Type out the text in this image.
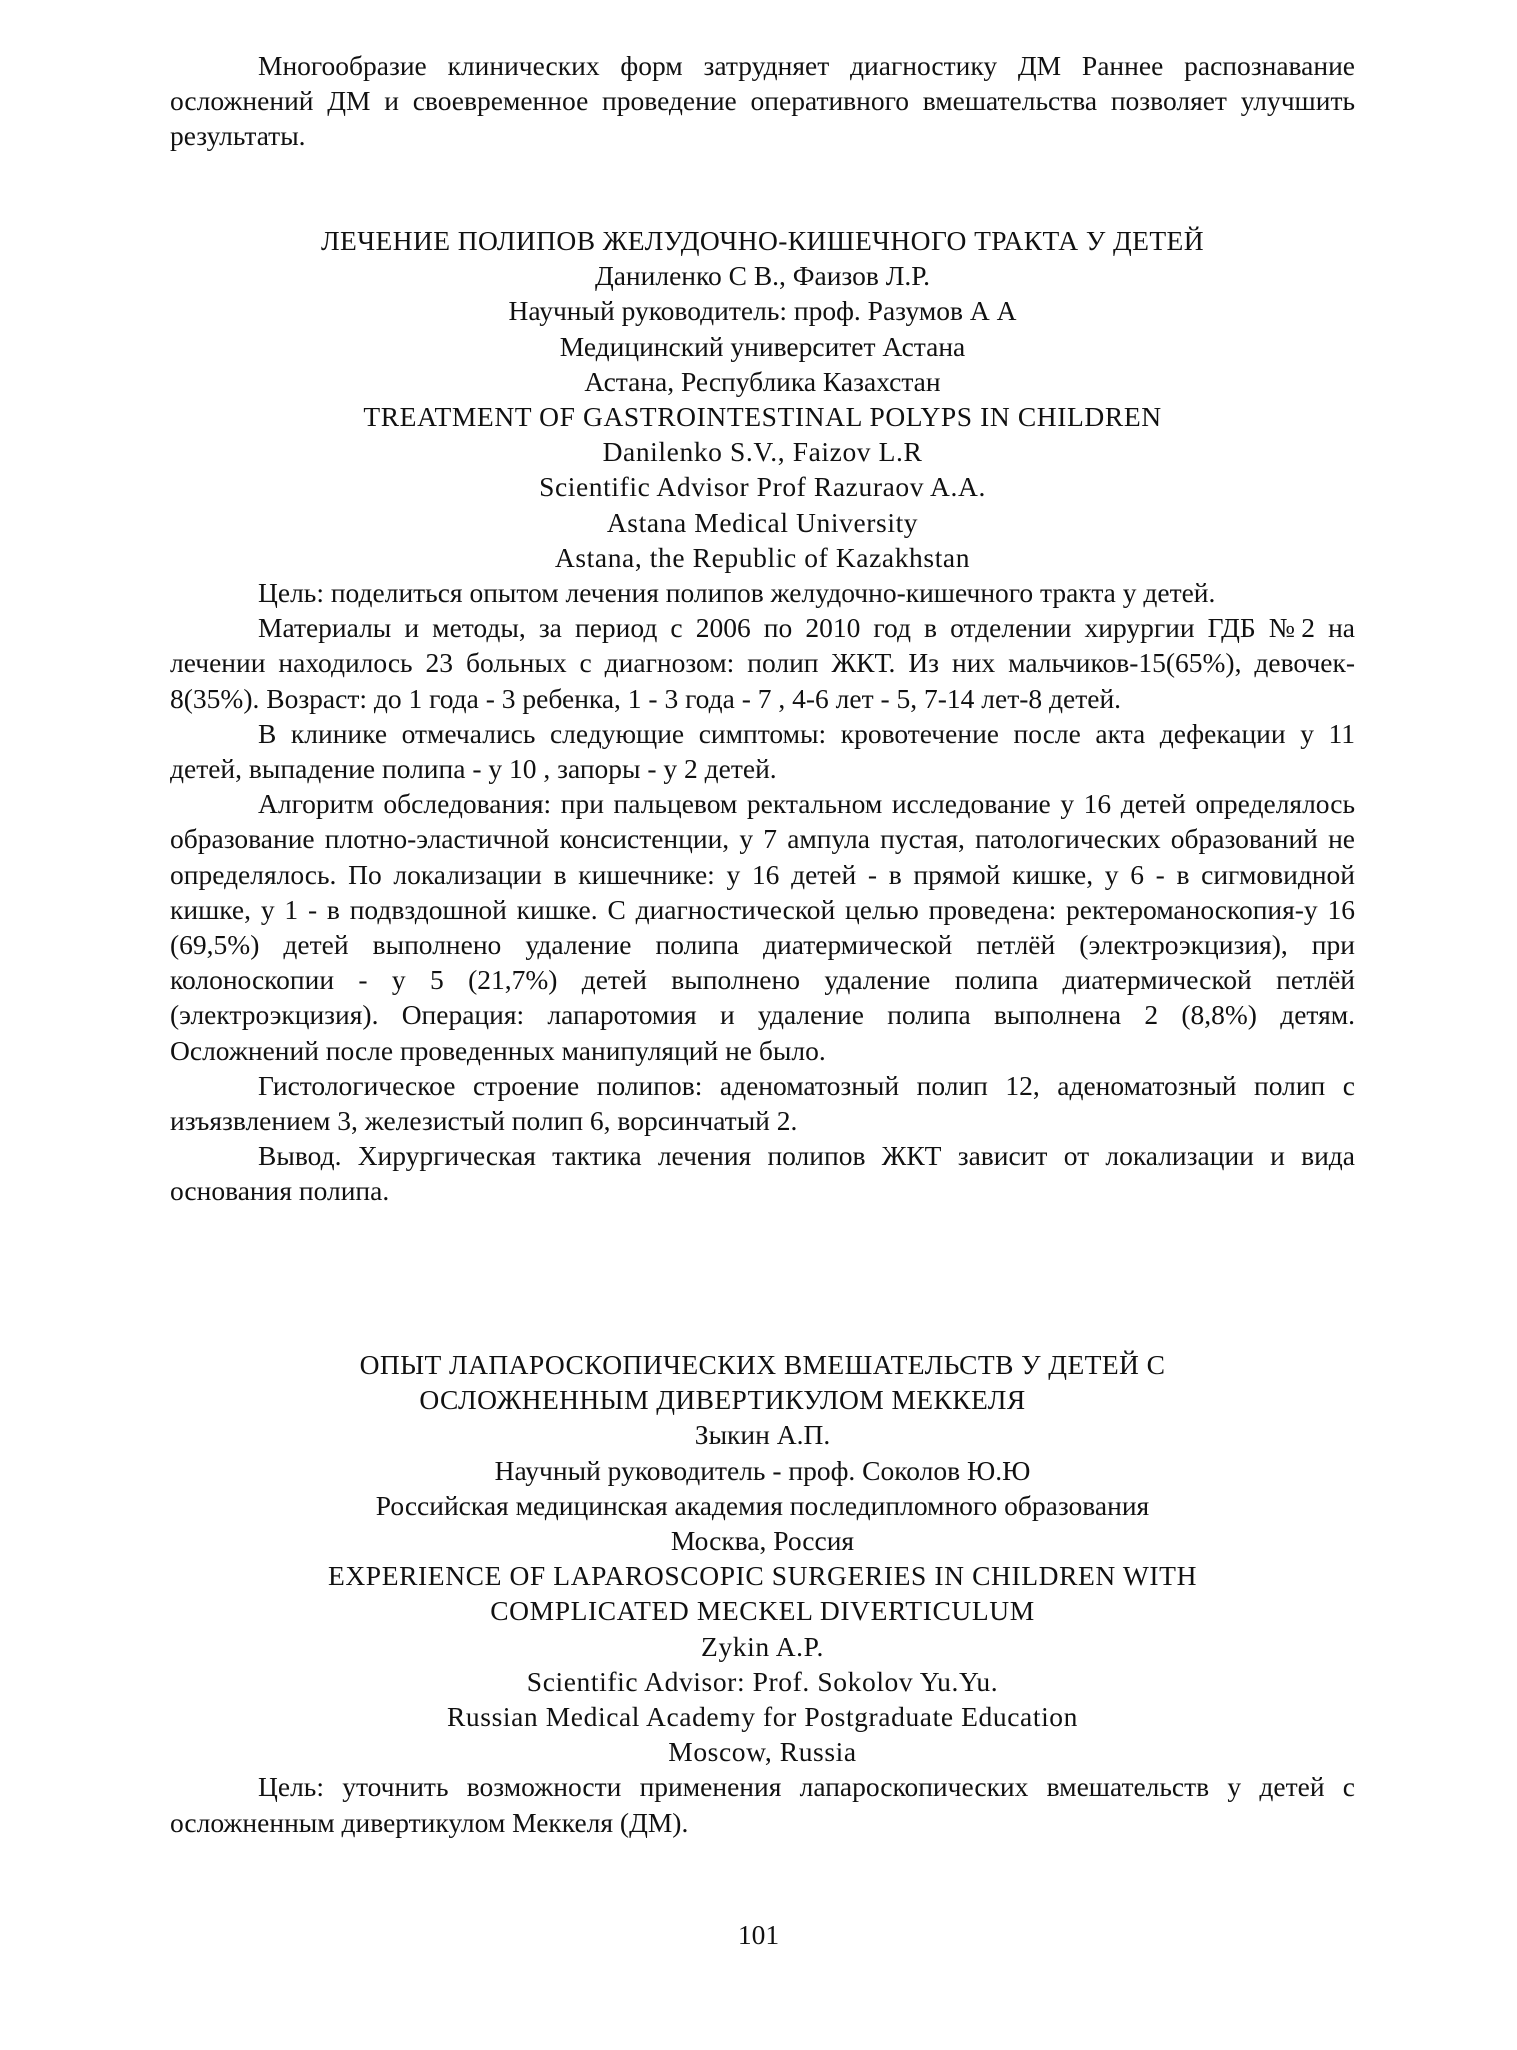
Многообразие клинических форм затрудняет диагностику ДМ Раннее распознавание осложнений ДМ и своевременное проведение оперативного вмешательства позволяет улучшить результаты.

ЛЕЧЕНИЕ ПОЛИПОВ ЖЕЛУДОЧНО-КИШЕЧНОГО ТРАКТА У ДЕТЕЙ

Даниленко С В., Фаизов Л.Р.

Научный руководитель: проф. Разумов А А

Медицинский университет Астана

Астана, Республика Казахстан

TREATMENT OF GASTROINTESTINAL POLYPS IN CHILDREN

Danilenko S.V., Faizov L.R

Scientific Advisor Prof Razuraov A.A.

Astana Medical University

Astana, the Republic of Kazakhstan

Цель: поделиться опытом лечения полипов желудочно-кишечного тракта у детей.

Материалы и методы, за период с 2006 по 2010 год в отделении хирургии ГДБ №2 на лечении находилось 23 больных с диагнозом: полип ЖКТ. Из них мальчиков-15(65%), девочек- 8(35%). Возраст: до 1 года - 3 ребенка, 1 - 3 года - 7 , 4-6 лет - 5, 7-14 лет-8 детей.

В клинике отмечались следующие симптомы: кровотечение после акта дефекации у 11 детей, выпадение полипа - у 10 , запоры - у 2 детей.

Алгоритм обследования: при пальцевом ректальном исследование у 16 детей определялось образование плотно-эластичной консистенции, у 7 ампула пустая, патологических образований не определялось. По локализации в кишечнике: у 16 детей - в прямой кишке, у 6 - в сигмовидной кишке, у 1 - в подвздошной кишке. С диагностической целью проведена: ректероманоскопия-у 16 (69,5%) детей выполнено удаление полипа диатермической петлёй (электроэкцизия), при колоноскопии - у 5 (21,7%) детей выполнено удаление полипа диатермической петлёй (электроэкцизия). Операция: лапаротомия и удаление полипа выполнена 2 (8,8%) детям. Осложнений после проведенных манипуляций не было.

Гистологическое строение полипов: аденоматозный полип 12, аденоматозный полип с изъязвлением 3, железистый полип 6, ворсинчатый 2.

Вывод. Хирургическая тактика лечения полипов ЖКТ зависит от локализации и вида основания полипа.

ОПЫТ ЛАПАРОСКОПИЧЕСКИХ ВМЕШАТЕЛЬСТВ У ДЕТЕЙ С

ОСЛОЖНЕННЫМ ДИВЕРТИКУЛОМ МЕККЕЛЯ

Зыкин А.П.

Научный руководитель - проф. Соколов Ю.Ю

Российская медицинская академия последипломного образования

Москва, Россия

EXPERIENCE OF LAPAROSCOPIC SURGERIES IN CHILDREN WITH

COMPLICATED MECKEL DIVERTICULUM

Zykin A.P.

Scientific Advisor: Prof. Sokolov Yu.Yu.

Russian Medical Academy for Postgraduate Education

Moscow, Russia

Цель: уточнить возможности применения лапароскопических вмешательств у детей с осложненным дивертикулом Меккеля (ДМ).

101
